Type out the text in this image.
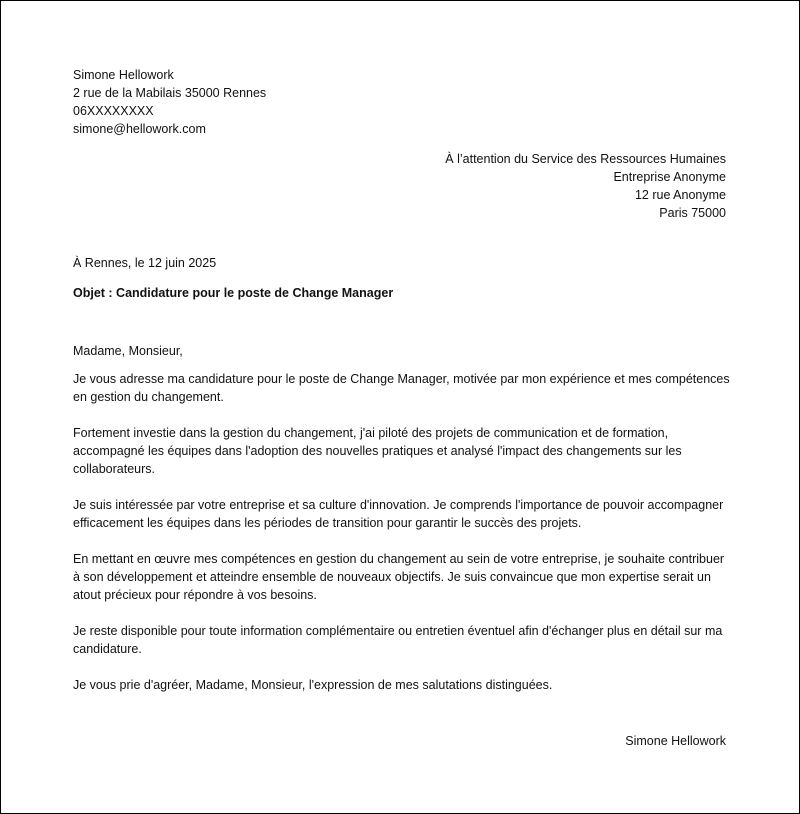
Simone Hellowork
2 rue de la Mabilais 35000 Rennes
06XXXXXXXX
simone@hellowork.com
À l’attention du Service des Ressources Humaines
Entreprise Anonyme
12 rue Anonyme
Paris 75000
À Rennes, le 12 juin 2025
Objet : Candidature pour le poste de Change Manager

Madame, Monsieur,

Je vous adresse ma candidature pour le poste de Change Manager, motivée par mon expérience et mes compétences en gestion du changement.

Fortement investie dans la gestion du changement, j'ai piloté des projets de communication et de formation, accompagné les équipes dans l'adoption des nouvelles pratiques et analysé l'impact des changements sur les collaborateurs.

Je suis intéressée par votre entreprise et sa culture d'innovation. Je comprends l'importance de pouvoir accompagner efficacement les équipes dans les périodes de transition pour garantir le succès des projets.

En mettant en œuvre mes compétences en gestion du changement au sein de votre entreprise, je souhaite contribuer à son développement et atteindre ensemble de nouveaux objectifs. Je suis convaincue que mon expertise serait un atout précieux pour répondre à vos besoins.

Je reste disponible pour toute information complémentaire ou entretien éventuel afin d'échanger plus en détail sur ma candidature.

Je vous prie d'agréer, Madame, Monsieur, l'expression de mes salutations distinguées.

Simone Hellowork
